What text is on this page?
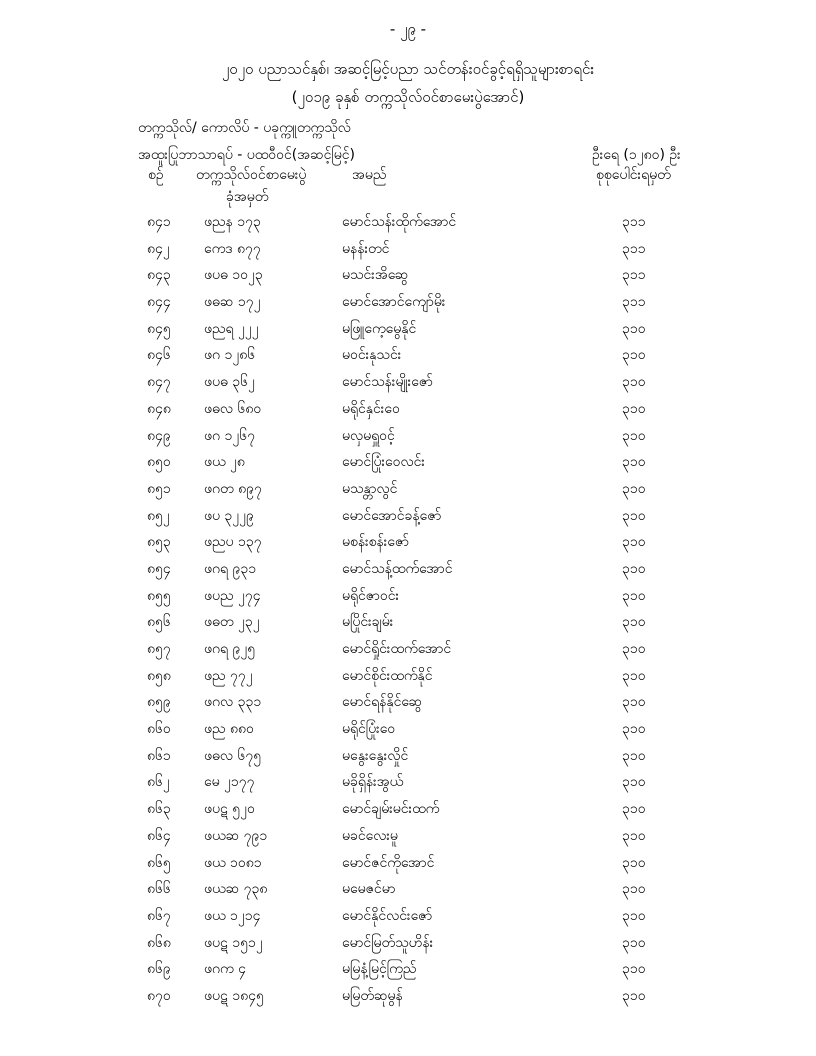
- ၂၉ -
၂၀၂၀ ပညာသင်နှစ်၊ အဆင့်မြင့်ပညာ သင်တန်းဝင်ခွင့်ရရှိသူများစာရင်း
(၂၀၁၉ ခုနှစ် တက္ကသိုလ်ဝင်စာမေးပွဲအောင်)
တက္ကသိုလ်/ ကောလိပ် - ပခုက္ကူတက္ကသိုလ်
အထူးပြုဘာသာရပ် - ပထဝီဝင်(အဆင့်မြင့်)	ဦးရေ (၁၂၈၀) ဦး
စဉ် တက္ကသိုလ်ဝင်စာမေးပွဲ
ခုံအမှတ်
အမည်	စုစုပေါင်းရမှတ်
၈၄၁ ဖညန ၁၇၃	မောင်သန်းထိုက်အောင်	၃၁၁
၈၄၂ ကေဒ ၈၇၇	မနန်းတင်	၃၁၁
၈၄၃ ဖပဓ ၁၀၂၃	မသင်းအိဆွေ	၃၁၁
၈၄၄ ဖဓဆ ၁၇၂	မောင်အောင်ကျော်မိုး	၃၁၁
၈၄၅ ဖညရ ၂၂၂	မဖြူကေ့မွေနိုင်	၃၁၀
၈၄၆ ဖဂ ၁၂၈၆	မဝင်းနုသင်း	၃၁၀
၈၄၇ ဖပဓ ၃၆၂	မောင်သန်းမျိုးဇော်	၃၁၀
၈၄၈ ဖဓလ ၆၈၀	မရိုင်နှင်းဝေ	၃၁၀
၈၄၉ ဖဂ ၁၂၆၇	မလှမရှူဝင့်	၃၁၀
၈၅၀ ဖယ ၂၈	မောင်ပြုံးဝေလင်း	၃၁၀
၈၅၁ ဖဂတ ၈၉၇	မသန္တာလွင်	၃၁၀
၈၅၂ ဖပ ၃၂၂၉	မောင်အောင်ခန့်ဇော်	၃၁၀
၈၅၃ ဖညပ ၁၃၇	မစန်းစန်းဇော်	၃၁၀
၈၅၄ ဖဂရ ၉၃၁	မောင်သန့်ထက်အောင်	၃၁၀
၈၅၅ ဖပည ၂၇၄	မရိုင်ဇာဝင်း	၃၁၀
၈၅၆ ဖဓတ ၂၃၂	မပြိုင်းချမ်း	၃၁၀
၈၅၇ ဖဂရ ၉၂၅	မောင်ရှိုင်းထက်အောင်	၃၁၀
၈၅၈ ဖည ၇၇၂	မောင်စိုင်းထက်နိုင်	၃၁၀
၈၅၉ ဖဂလ ၃၃၁	မောင်ရန်နိုင်ဆွေ	၃၁၀
၈၆၀ ဖည ၈၈၀	မရိုင်ပြုံးဝေ	၃၁၀
၈၆၁ ဖဓလ ၆၇၅	မနွေးနွေးလှိုင်	၃၁၀
၈၆၂ မေ ၂၁၇၇	မခိုရှိန်းအွယ်	၃၁၀
၈၆၃ ဖပဋ ၅၂၀	မောင်ချမ်းမင်းထက်	၃၁၀
၈၆၄ ဖယဆ ၇၉၁	မခင်လေးမူ	၃၁၀
၈၆၅ ဖယ ၁၀၈၁	မောင်ဇင်ကိုအောင်	၃၁၀
၈၆၆ ဖယဆ ၇၃၈	မမေဇင်မာ	၃၁၀
၈၆၇ ဖယ ၁၂၁၄	မောင်နိုင်လင်းဇော်	၃၁၀
၈၆၈ ဖပဋ ၁၅၁၂	မောင်မြတ်သူဟိန်း	၃၁၀
၈၆၉ ဖဂက ၄	မမြနံ့မြင့်ကြည်	၃၁၀
၈၇၀ ဖပဋ ၁၈၄၅	မမြတ်ဆုမွန်	၃၁၀
